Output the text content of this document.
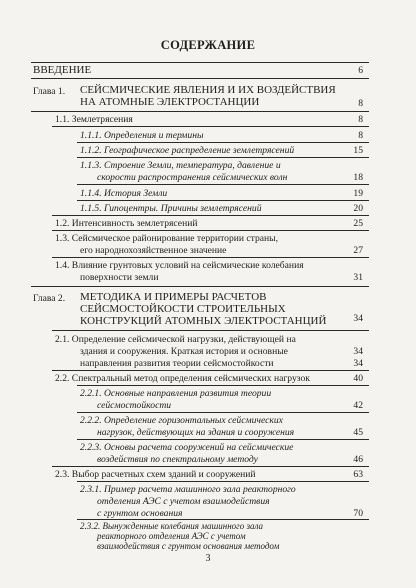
СОДЕРЖАНИЕ
ВВЕДЕНИЕ	6
Глава 1. СЕЙСМИЧЕСКИЕ ЯВЛЕНИЯ И ИХ ВОЗДЕЙСТВИЯ
НА АТОМНЫЕ ЭЛЕКТРОСТАНЦИИ	8
1.1. Землетрясения	8
1.1.1. Определения и термины	8
1.1.2. Географическое распределение землетрясений	15
1.1.3. Строение Земли, температура, давление и
скорости распространения сейсмических волн	18
1.1.4. История Земли	19
1.1.5. Гипоцентры. Причины землетрясений	20
1.2. Интенсивность землетрясений	25
1.3. Сейсмическое районирование территории страны,
его народнохозяйственное значение	27
1.4. Влияние грунтовых условий на сейсмические колебания
поверхности земли	31
Глава 2. МЕТОДИКА И ПРИМЕРЫ РАСЧЕТОВ
СЕЙСМОСТОЙКОСТИ СТРОИТЕЛЬНЫХ
КОНСТРУКЦИЙ АТОМНЫХ ЭЛЕКТРОСТАНЦИЙ	34
2.1. Определение сейсмической нагрузки, действующей на
здания и сооружения. Краткая история и основные	34
направления развития теории сейсмостойкости	34
2.2. Спектральный метод определения сейсмических нагрузок	40
2.2.1. Основные направления развития теории
сейсмостойкости	42
2.2.2. Определение горизонтальных сейсмических
нагрузок, действующих на здания и сооружения	45
2.2.3. Основы расчета сооружений на сейсмические
воздействия по спектральному методу	46
2.3. Выбор расчетных схем зданий и сооружений	63
2.3.1. Пример расчета машинного зала реакторного
отделения АЭС с учетом взаимодействия
с грунтом основания	70
2.3.2. Вынужденные колебания машинного зала
реакторного отделения АЭС с учетом
взаимодействия с грунтом основания методом
3
